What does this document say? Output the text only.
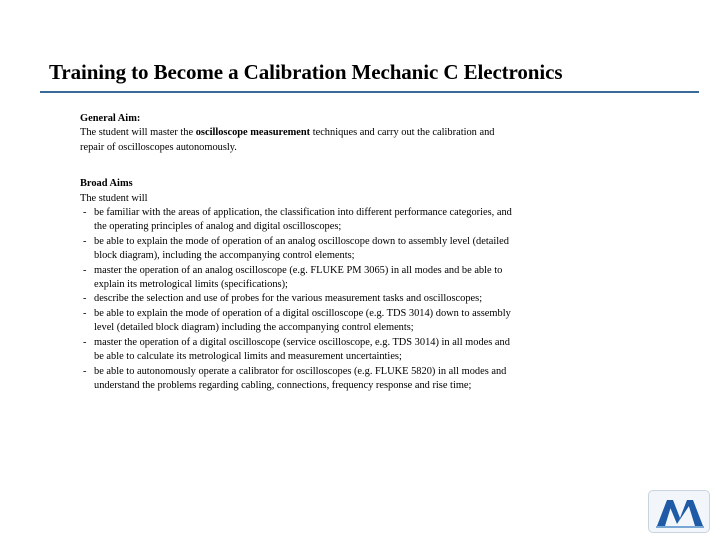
Training to Become a Calibration Mechanic C Electronics
General Aim:

The student will master the oscilloscope measurement techniques and carry out the calibration and repair of oscilloscopes autonomously.

Broad Aims
The student will
- be familiar with the areas of application, the classification into different performance categories, and the operating principles of analog and digital oscilloscopes;
- be able to explain the mode of operation of an analog oscilloscope down to assembly level (detailed block diagram), including the accompanying control elements;
- master the operation of an analog oscilloscope (e.g. FLUKE PM 3065) in all modes and be able to explain its metrological limits (specifications);
- describe the selection and use of probes for the various measurement tasks and oscilloscopes;
- be able to explain the mode of operation of a digital oscilloscope (e.g. TDS 3014) down to assembly level (detailed block diagram) including the accompanying control elements;
- master the operation of a digital oscilloscope (service oscilloscope, e.g. TDS 3014) in all modes and be able to calculate its metrological limits and measurement uncertainties;
- be able to autonomously operate a calibrator for oscilloscopes (e.g. FLUKE 5820) in all modes and understand the problems regarding cabling, connections, frequency response and rise time;
